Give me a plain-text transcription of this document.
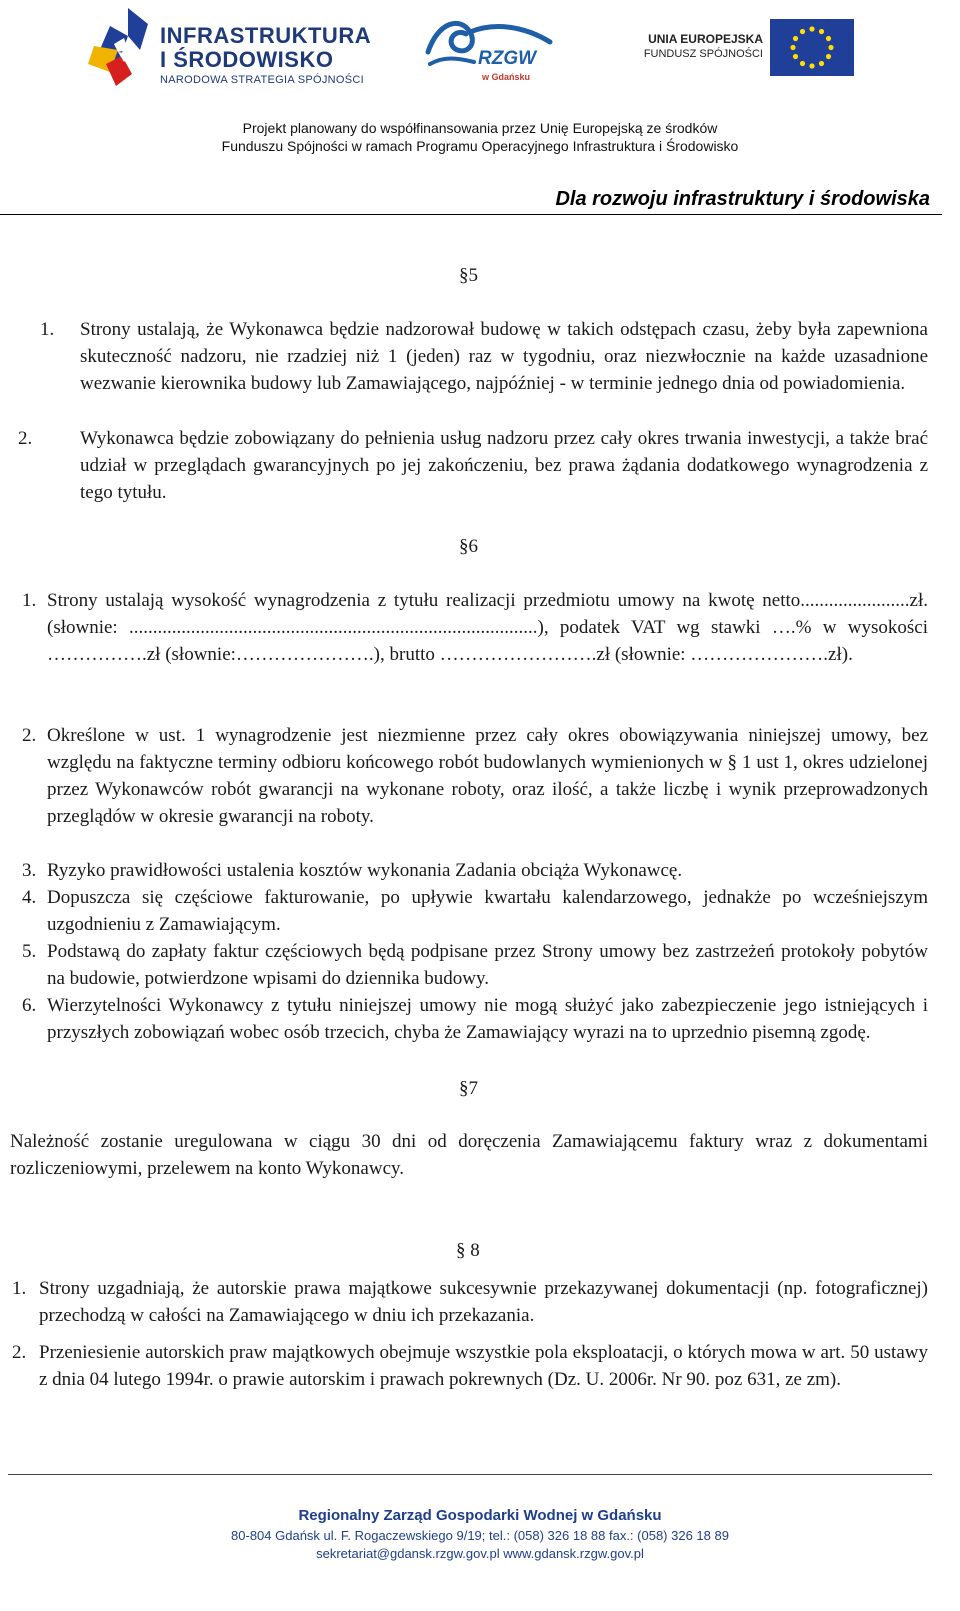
INFRASTRUKTURA
I ŚRODOWISKO
NARODOWA STRATEGIA SPÓJNOŚCI
RZGW
w Gdańsku
UNIA EUROPEJSKA
FUNDUSZ SPÓJNOŚCI
Projekt planowany do współfinansowania przez Unię Europejską ze środków
Funduszu Spójności w ramach Programu Operacyjnego Infrastruktura i Środowisko
Dla rozwoju infrastruktury i środowiska
§5
1. Strony ustalają, że Wykonawca będzie nadzorował budowę w takich odstępach czasu, żeby była zapewniona skuteczność nadzoru, nie rzadziej niż 1 (jeden) raz w tygodniu, oraz niezwłocznie na każde uzasadnione wezwanie kierownika budowy lub Zamawiającego, najpóźniej - w terminie jednego dnia od powiadomienia.
2.	Wykonawca będzie zobowiązany do pełnienia usług nadzoru przez cały okres trwania inwestycji, a także brać udział w przeglądach gwarancyjnych po jej zakończeniu, bez prawa żądania dodatkowego wynagrodzenia z tego tytułu.
§6
1. Strony ustalają wysokość wynagrodzenia z tytułu realizacji przedmiotu umowy na kwotę netto.......................zł. (słownie: ......................................................................................), podatek VAT wg stawki ….% w wysokości …………….zł (słownie:………………….), brutto …………………….zł (słownie: ………………….zł).
2. Określone w ust. 1 wynagrodzenie jest niezmienne przez cały okres obowiązywania niniejszej umowy, bez względu na faktyczne terminy odbioru końcowego robót budowlanych wymienionych w § 1 ust 1, okres udzielonej przez Wykonawców robót gwarancji na wykonane roboty, oraz ilość, a także liczbę i wynik przeprowadzonych przeglądów w okresie gwarancji na roboty.
3. Ryzyko prawidłowości ustalenia kosztów wykonania Zadania obciąża Wykonawcę.
4. Dopuszcza się częściowe fakturowanie, po upływie kwartału kalendarzowego, jednakże po wcześniejszym uzgodnieniu z Zamawiającym.
5. Podstawą do zapłaty faktur częściowych będą podpisane przez Strony umowy bez zastrzeżeń protokoły pobytów na budowie, potwierdzone wpisami do dziennika budowy.
6. Wierzytelności Wykonawcy z tytułu niniejszej umowy nie mogą służyć jako zabezpieczenie jego istniejących i przyszłych zobowiązań wobec osób trzecich, chyba że Zamawiający wyrazi na to uprzednio pisemną zgodę.
§7
Należność zostanie uregulowana w ciągu 30 dni od doręczenia Zamawiającemu faktury wraz z dokumentami rozliczeniowymi, przelewem na konto Wykonawcy.
§ 8
1. Strony uzgadniają, że autorskie prawa majątkowe sukcesywnie przekazywanej dokumentacji (np. fotograficznej) przechodzą w całości na Zamawiającego w dniu ich przekazania.
2. Przeniesienie autorskich praw majątkowych obejmuje wszystkie pola eksploatacji, o których mowa w art. 50 ustawy z dnia 04 lutego 1994r. o prawie autorskim i prawach pokrewnych (Dz. U. 2006r. Nr 90. poz 631, ze zm).
Regionalny Zarząd Gospodarki Wodnej w Gdańsku
80-804 Gdańsk ul. F. Rogaczewskiego 9/19; tel.: (058) 326 18 88 fax.: (058) 326 18 89
sekretariat@gdansk.rzgw.gov.pl www.gdansk.rzgw.gov.pl
